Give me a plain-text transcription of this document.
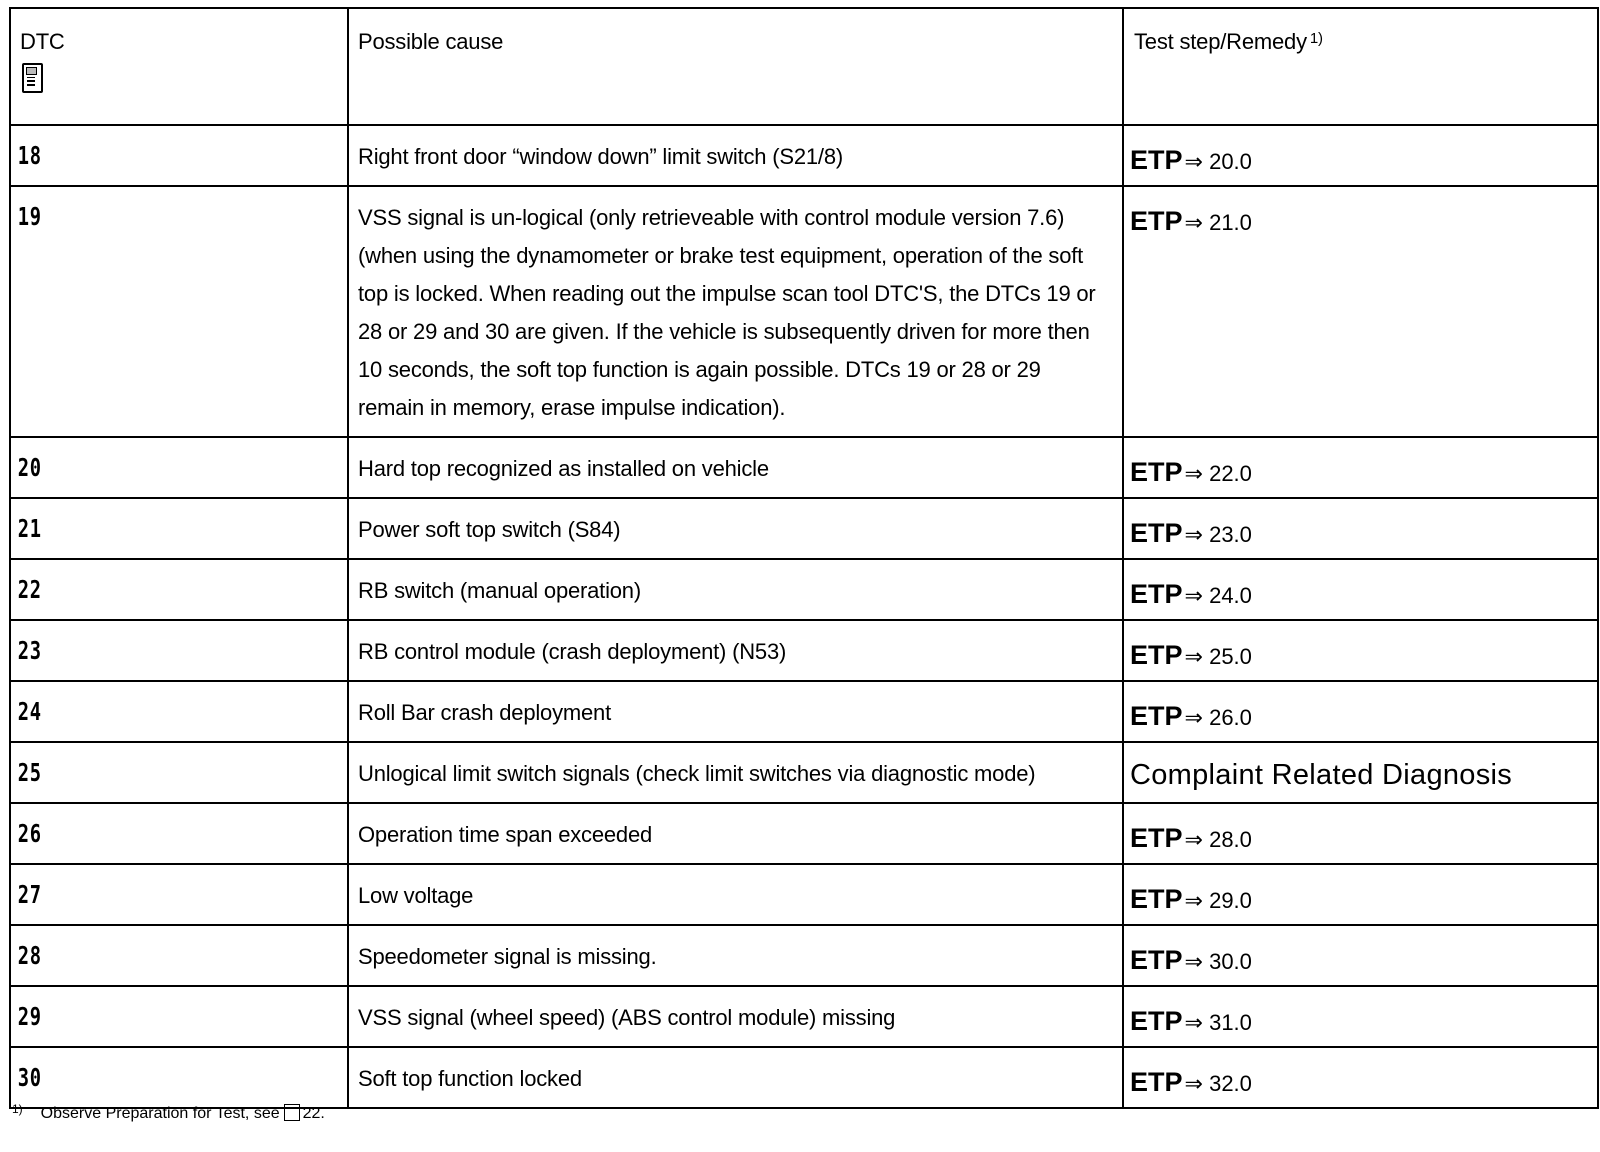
DTC	Possible cause	Test step/Remedy $^{1)}$

18	Right front door “window down” limit switch (S21/8)	ETP⇒ 20.0

19	VSS signal is un-logical (only retrieveable with control module version 7.6) (when using the dynamometer or brake test equipment, operation of the soft top is locked. When reading out the impulse scan tool DTC'S, the DTCs 19 or 28 or 29 and 30 are given. If the vehicle is subsequently driven for more then 10 seconds, the soft top function is again possible. DTCs 19 or 28 or 29 remain in memory, erase impulse indication).	ETP⇒ 21.0

20	Hard top recognized as installed on vehicle	ETP⇒ 22.0

21	Power soft top switch (S84)	ETP⇒ 23.0

22	RB switch (manual operation)	ETP⇒ 24.0

23	RB control module (crash deployment) (N53)	ETP⇒ 25.0

24	Roll Bar crash deployment	ETP⇒ 26.0

25	Unlogical limit switch signals (check limit switches via diagnostic mode)	Complaint Related Diagnosis

26	Operation time span exceeded	ETP⇒ 28.0

27	Low voltage	ETP⇒ 29.0

28	Speedometer signal is missing.	ETP⇒ 30.0

29	VSS signal (wheel speed) (ABS control module) missing	ETP⇒ 31.0

30	Soft top function locked	ETP⇒ 32.0
$^{1)}$ Observe Preparation for Test, see 22.
